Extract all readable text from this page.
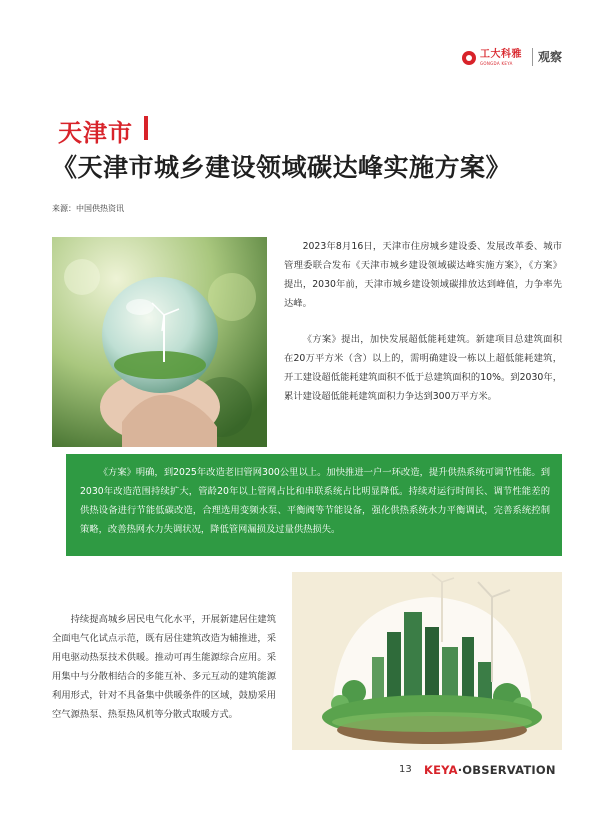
工大科雅
GONGDA KEYA	观察
天津市
《天津市城乡建设领域碳达峰实施方案》
来源：中国供热资讯

2023年8月16日，天津市住房城乡建设委、发展改革委、城市管理委联合发布《天津市城乡建设领域碳达峰实施方案》，《方案》提出，2030年前，天津市城乡建设领域碳排放达到峰值，力争率先达峰。

《方案》提出，加快发展超低能耗建筑。新建项目总建筑面积在20万平方米（含）以上的，需明确建设一栋以上超低能耗建筑，开工建设超低能耗建筑面积不低于总建筑面积的10%。到2030年，累计建设超低能耗建筑面积力争达到300万平方米。

《方案》明确，到2025年改造老旧管网300公里以上。加快推进一户一环改造，提升供热系统可调节性能。到2030年改造范围持续扩大，管龄20年以上管网占比和串联系统占比明显降低。持续对运行时间长、调节性能差的供热设备进行节能低碳改造，合理选用变频水泵、平衡阀等节能设备，强化供热系统水力平衡调试，完善系统控制策略，改善热网水力失调状况，降低管网漏损及过量供热损失。

持续提高城乡居民电气化水平，开展新建居住建筑全面电气化试点示范，既有居住建筑改造为辅推进，采用电驱动热泵技术供暖。推动可再生能源综合应用。采用集中与分散相结合的多能互补、多元互动的建筑能源利用形式，针对不具备集中供暖条件的区域，鼓励采用空气源热泵、热泵热风机等分散式取暖方式。

13 KEYA·OBSERVATION
